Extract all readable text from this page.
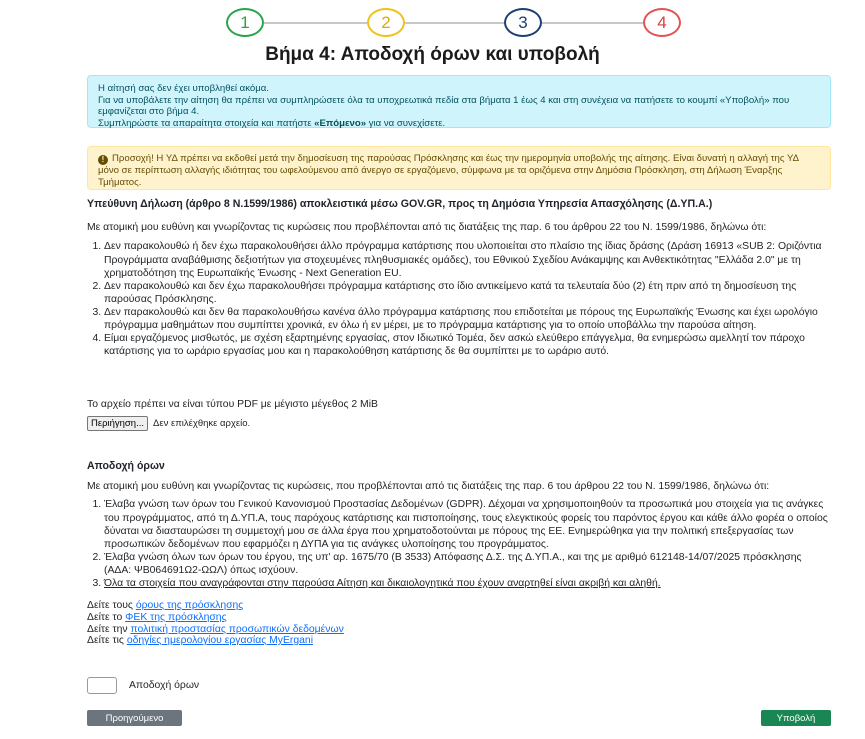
1	2	3	4
Βήμα 4: Αποδοχή όρων και υποβολή
Η αίτησή σας δεν έχει υποβληθεί ακόμα.
Για να υποβάλετε την αίτηση θα πρέπει να συμπληρώσετε όλα τα υποχρεωτικά πεδία στα βήματα 1 έως 4 και στη συνέχεια να πατήσετε το κουμπί «Υποβολή» που εμφανίζεται στο βήμα 4.
Συμπληρώστε τα απαραίτητα στοιχεία και πατήστε «Επόμενο» για να συνεχίσετε.
! Προσοχή! Η ΥΔ πρέπει να εκδοθεί μετά την δημοσίευση της παρούσας Πρόσκλησης και έως την ημερομηνία υποβολής της αίτησης. Είναι δυνατή η αλλαγή της ΥΔ μόνο σε περίπτωση αλλαγής ιδιότητας του ωφελούμενου από άνεργο σε εργαζόμενο, σύμφωνα με τα οριζόμενα στην Δημόσια Πρόσκληση, στη Δήλωση Έναρξης Τμήματος.
Υπεύθυνη Δήλωση (άρθρο 8 Ν.1599/1986) αποκλειστικά μέσω GOV.GR, προς τη Δημόσια Υπηρεσία Απασχόλησης (Δ.ΥΠ.Α.)
Με ατομική μου ευθύνη και γνωρίζοντας τις κυρώσεις που προβλέπονται από τις διατάξεις της παρ. 6 του άρθρου 22 του Ν. 1599/1986, δηλώνω ότι:
1. Δεν παρακολουθώ ή δεν έχω παρακολουθήσει άλλο πρόγραμμα κατάρτισης που υλοποιείται στο πλαίσιο της ίδιας δράσης (Δράση 16913 «SUB 2: Οριζόντια Προγράμματα αναβάθμισης δεξιοτήτων για στοχευμένες πληθυσμιακές ομάδες), του Εθνικού Σχεδίου Ανάκαμψης και Ανθεκτικότητας "Ελλάδα 2.0" με τη χρηματοδότηση της Ευρωπαϊκής Ένωσης - Next Generation EU.
2. Δεν παρακολουθώ και δεν έχω παρακολουθήσει πρόγραμμα κατάρτισης στο ίδιο αντικείμενο κατά τα τελευταία δύο (2) έτη πριν από τη δημοσίευση της παρούσας Πρόσκλησης.
3. Δεν παρακολουθώ και δεν θα παρακολουθήσω κανένα άλλο πρόγραμμα κατάρτισης που επιδοτείται με πόρους της Ευρωπαϊκής Ένωσης και έχει ωρολόγιο πρόγραμμα μαθημάτων που συμπίπτει χρονικά, εν όλω ή εν μέρει, με το πρόγραμμα κατάρτισης για το οποίο υποβάλλω την παρούσα αίτηση.
4. Είμαι εργαζόμενος μισθωτός, με σχέση εξαρτημένης εργασίας, στον Ιδιωτικό Τομέα, δεν ασκώ ελεύθερο επάγγελμα, θα ενημερώσω αμελλητί τον πάροχο κατάρτισης για το ωράριο εργασίας μου και η παρακολούθηση κατάρτισης δε θα συμπίπτει με το ωράριο αυτό.
Το αρχείο πρέπει να είναι τύπου PDF με μέγιστο μέγεθος 2 MiB
Περιήγηση... Δεν επιλέχθηκε αρχείο.
Αποδοχή όρων
Με ατομική μου ευθύνη και γνωρίζοντας τις κυρώσεις, που προβλέπονται από τις διατάξεις της παρ. 6 του άρθρου 22 του Ν. 1599/1986, δηλώνω ότι:
1. Έλαβα γνώση των όρων του Γενικού Κανονισμού Προστασίας Δεδομένων (GDPR). Δέχομαι να χρησιμοποιηθούν τα προσωπικά μου στοιχεία για τις ανάγκες του προγράμματος, από τη Δ.ΥΠ.Α, τους παρόχους κατάρτισης και πιστοποίησης, τους ελεγκτικούς φορείς του παρόντος έργου και κάθε άλλο φορέα ο οποίος δύναται να διασταυρώσει τη συμμετοχή μου σε άλλα έργα που χρηματοδοτούνται με πόρους της ΕΕ. Ενημερώθηκα για την πολιτική επεξεργασίας των προσωπικών δεδομένων που εφαρμόζει η ΔΥΠΑ για τις ανάγκες υλοποίησης του προγράμματος.
2. Έλαβα γνώση όλων των όρων του έργου, της υπ' αρ. 1675/70 (Β 3533) Απόφασης Δ.Σ. της Δ.ΥΠ.Α., και της με αριθμό 612148-14/07/2025 πρόσκλησης (ΑΔΑ: ΨΒ064691Ω2-ΩΩΛ) όπως ισχύουν.
3. Όλα τα στοιχεία που αναγράφονται στην παρούσα Αίτηση και δικαιολογητικά που έχουν αναρτηθεί είναι ακριβή και αληθή.
Δείτε τους όρους της πρόσκλησης
Δείτε το ΦΕΚ της πρόσκλησης
Δείτε την πολιτική προστασίας προσωπικών δεδομένων
Δείτε τις οδηγίες ημερολογίου εργασίας MyErgani
Αποδοχή όρων
Προηγούμενο	Υποβολή
